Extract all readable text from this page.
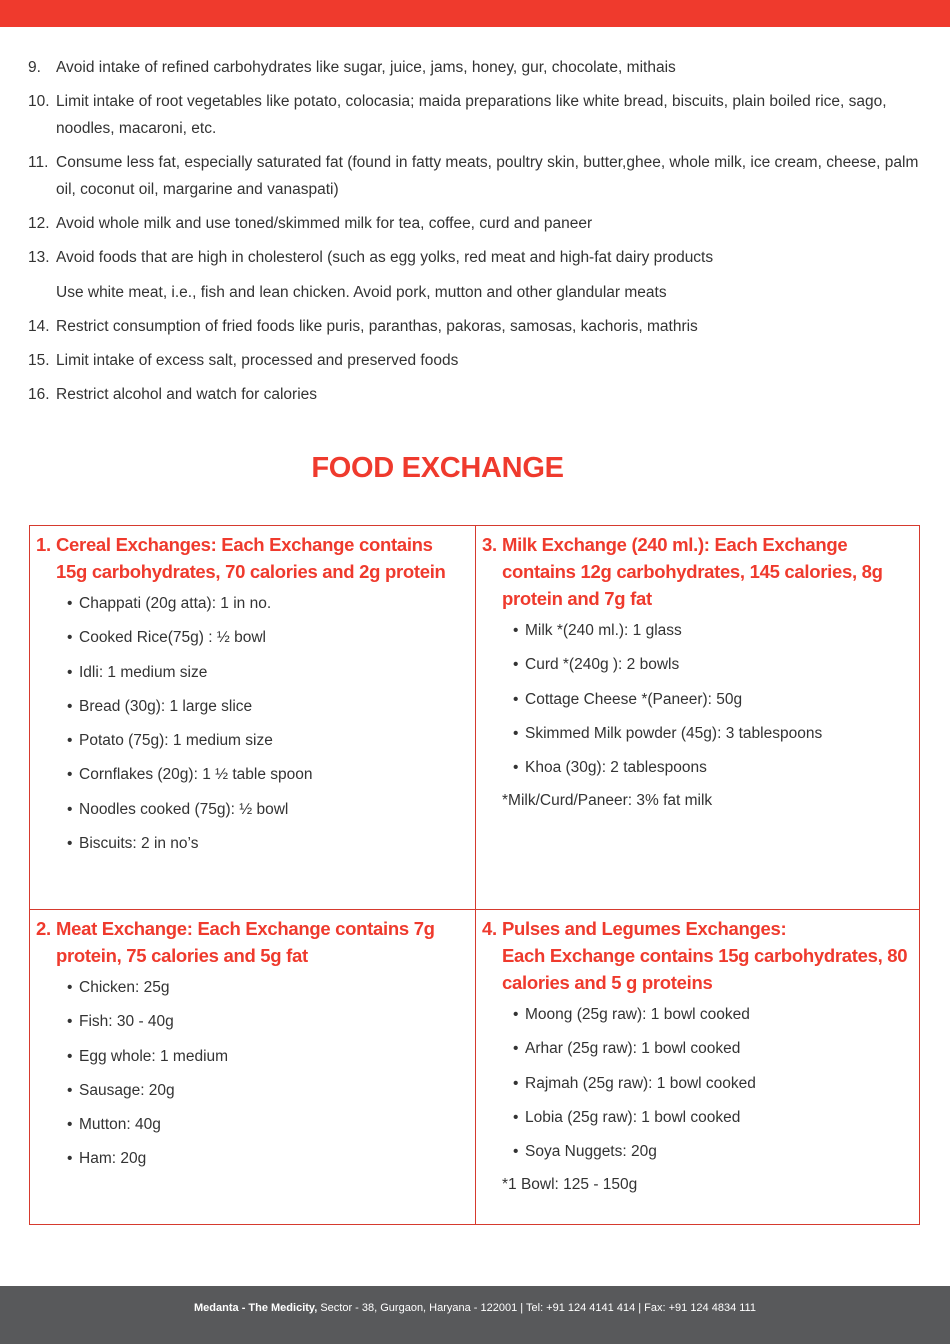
9. Avoid intake of refined carbohydrates like sugar, juice, jams, honey, gur, chocolate, mithais
10. Limit intake of root vegetables like potato, colocasia; maida preparations like white bread, biscuits, plain boiled rice, sago, noodles, macaroni, etc.
11. Consume less fat, especially saturated fat (found in fatty meats, poultry skin, butter,ghee, whole milk, ice cream, cheese, palm oil, coconut oil, margarine and vanaspati)
12. Avoid whole milk and use toned/skimmed milk for tea, coffee, curd and paneer
13. Avoid foods that are high in cholesterol (such as egg yolks, red meat and high-fat dairy products
Use white meat, i.e., fish and lean chicken. Avoid pork, mutton and other glandular meats
14. Restrict consumption of fried foods like puris, paranthas, pakoras, samosas, kachoris, mathris
15. Limit intake of excess salt, processed and preserved foods
16. Restrict alcohol and watch for calories
FOOD EXCHANGE
1. Cereal Exchanges: Each Exchange contains 15g carbohydrates, 70 calories and 2g protein
• Chappati (20g atta): 1 in no.
• Cooked Rice(75g) : ½ bowl
• Idli: 1 medium size
• Bread (30g): 1 large slice
• Potato (75g): 1 medium size
• Cornflakes (20g): 1 ½ table spoon
• Noodles cooked (75g): ½ bowl
• Biscuits: 2 in no’s
3. Milk Exchange (240 ml.): Each Exchange contains 12g carbohydrates, 145 calories, 8g protein and 7g fat
• Milk *(240 ml.): 1 glass
• Curd *(240g ): 2 bowls
• Cottage Cheese *(Paneer): 50g
• Skimmed Milk powder (45g): 3 tablespoons
• Khoa (30g): 2 tablespoons
*Milk/Curd/Paneer: 3% fat milk
2. Meat Exchange: Each Exchange contains 7g protein, 75 calories and 5g fat
• Chicken: 25g
• Fish: 30 - 40g
• Egg whole: 1 medium
• Sausage: 20g
• Mutton: 40g
• Ham: 20g
4. Pulses and Legumes Exchanges:
Each Exchange contains 15g carbohydrates, 80 calories and 5 g proteins
• Moong (25g raw): 1 bowl cooked
• Arhar (25g raw): 1 bowl cooked
• Rajmah (25g raw): 1 bowl cooked
• Lobia (25g raw): 1 bowl cooked
• Soya Nuggets: 20g
*1 Bowl: 125 - 150g
Medanta - The Medicity, Sector - 38, Gurgaon, Haryana - 122001 | Tel: +91 124 4141 414 | Fax: +91 124 4834 111
